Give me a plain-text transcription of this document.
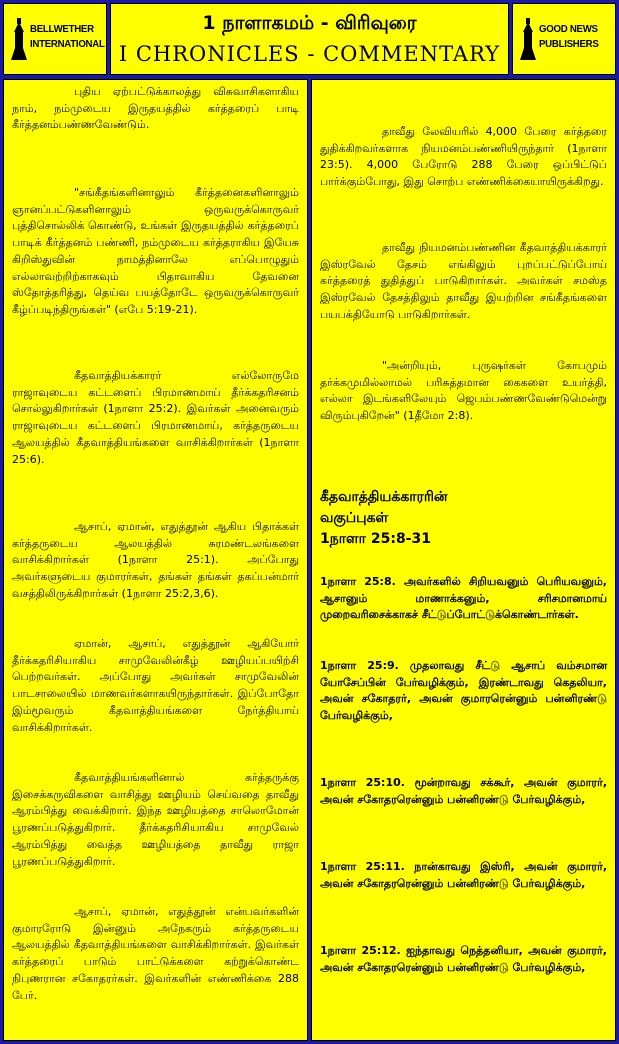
BELLWETHER
INTERNATIONAL
1 நாளாகமம் - விரிவுரை
I CHRONICLES - COMMENTARY
GOOD NEWS
PUBLISHERS
புதிய ஏற்பட்டுக்காலத்து விசுவாசிகளாகிய நாம், நம்முடைய இருதயத்தில் கர்த்தரைப் பாடி கீர்த்தனம்பண்ணவேண்டும்.
"சங்கீதங்களினாலும் கீர்த்தனைகளினாலும் ஞானப்பட்டுகளினாலும் ஒருவருக்கொருவர் புத்திசொல்லிக் கொண்டு, உங்கள் இருதயத்தில் கர்த்தரைப் பாடிக் கீர்த்தனம் பண்ணி, நம்முடைய கர்த்தராகிய இயேசு கிறிஸ்துவின் நாமத்தினாலே எப்பொழுதும் எல்லாவற்றிற்காகவும் பிதாவாகிய தேவனை ஸ்தோத்தரித்து, தெய்வ பயத்தோடே ஒருவருக்கொருவர் கீழ்ப்படிந்திருங்கள்" (எபே 5:19-21).
கீதவாத்தியக்காரர் எல்லோருமே ராஜாவுடைய கட்டளைப் பிரமாணமாய் தீர்க்கதரிசனம் சொல்லுகிறார்கள் (1நாளா 25:2). இவர்கள் அனைவரும் ராஜாவுடைய கட்டளைப் பிரமாணமாய், கர்த்தருடைய ஆலயத்தில் கீதவாத்தியங்களை வாசிக்கிறார்கள் (1நாளா 25:6).
ஆசாப், ஏமான், எதுத்தூன் ஆகிய பிதாக்கள் கர்த்தருடைய ஆலயத்தில் சுரமண்டலங்களை வாசிக்கிறார்கள் (1நாளா 25:1). அப்போது அவர்களுடைய குமாரர்கள், தங்கள் தங்கள் தகப்பன்மார் வசத்திலிருக்கிறார்கள் (1நாளா 25:2,3,6).
ஏமான், ஆசாப், எதுத்தூன் ஆகியோர் தீர்க்கதரிசியாகிய சாமுவேலின்கீழ் ஊழியப்பயிற்சி பெற்றவர்கள். அப்போது அவர்கள் சாமுவேலின் பாடசாலையில் மாணவர்களாகயிருந்தார்கள். இப்போதோ இம்மூவரும் கீதவாத்தியங்களை நேர்த்தியாய் வாசிக்கிறார்கள்.
கீதவாத்தியங்களினால் கர்த்தருக்கு இசைக்கருவிகளை வாசித்து ஊழியம் செய்வதை தாவீது ஆரம்பித்து வைக்கிறார். இந்த ஊழியத்தை சாலொமோன் பூரணப்படுத்துகிறார். தீர்க்கதரிசியாகிய சாமுவேல் ஆரம்பித்து வைத்த ஊழியத்தை தாவீது ராஜா பூரணப்படுத்துகிறார்.
ஆசாப், ஏமான், எதுத்தூன் என்பவர்களின் குமாரரோடு இன்னும் அநேகரும் கர்த்தருடைய ஆலயத்தில் கீதவாத்தியங்களை வாசிக்கிறார்கள். இவர்கள் கர்த்தரைப் பாடும் பாட்டுக்களை கற்றுக்கொண்ட நிபுணரான சகோதரர்கள். இவர்களின் எண்ணிக்கை 288 பேர்.
தாவீது லேவியரில் 4,000 பேரை கர்த்தரை துதிக்கிறவர்களாக நியமனம்பண்ணியிருந்தார் (1நாளா 23:5). 4,000 பேரோடு 288 பேரை ஒப்பிட்டுப் பார்க்கும்போது, இது சொற்ப எண்ணிக்கையாயிருக்கிறது.
தாவீது நியமனம்பண்ணின கீதவாத்தியக்காரர் இஸ்ரவேல் தேசம் எங்கிலும் புறப்பட்டுப்போய் கர்த்தரைத் துதித்துப் பாடுகிறார்கள். அவர்கள் சமஸ்த இஸ்ரவேல் தேசத்திலும் தாவீது இயற்றின சங்கீதங்களை பயபக்தியோடு பாடுகிறார்கள்.
"அன்றியும், புருஷர்கள் கோபமும் தர்க்கமுமில்லாமல் பரிசுத்தமான கைகளை உயர்த்தி, எல்லா இடங்களிலேயும் ஜெபம்பண்ணவேண்டுமென்று விரும்புகிறேன்" (1தீமோ 2:8).
கீதவாத்தியக்காரரின்
வகுப்புகள்
1நாளா 25:8-31
1நாளா 25:8. அவர்களில் சிறியவனும் பெரியவனும், ஆசானும் மாணாக்கனும், சரிசமானமாய் முறைவரிசைக்காகச் சீட்டுப்போட்டுக்கொண்டார்கள்.
1நாளா 25:9. முதலாவது சீட்டு ஆசாப் வம்சமான யோசேப்பின் பேர்வழிக்கும், இரண்டாவது கெதலியா, அவன் சகோதரர், அவன் குமாரரென்னும் பன்னிரண்டு பேர்வழிக்கும்,
1நாளா 25:10. மூன்றாவது சக்கூர், அவன் குமாரர், அவன் சகோதரரென்னும் பன்னிரண்டு பேர்வழிக்கும்,
1நாளா 25:11. நான்காவது இஸ்ரி, அவன் குமாரர், அவன் சகோதரரென்னும் பன்னிரண்டு பேர்வழிக்கும்,
1நாளா 25:12. ஐந்தாவது நெத்தனியா, அவன் குமாரர், அவன் சகோதரரென்னும் பன்னிரண்டு பேர்வழிக்கும்,
